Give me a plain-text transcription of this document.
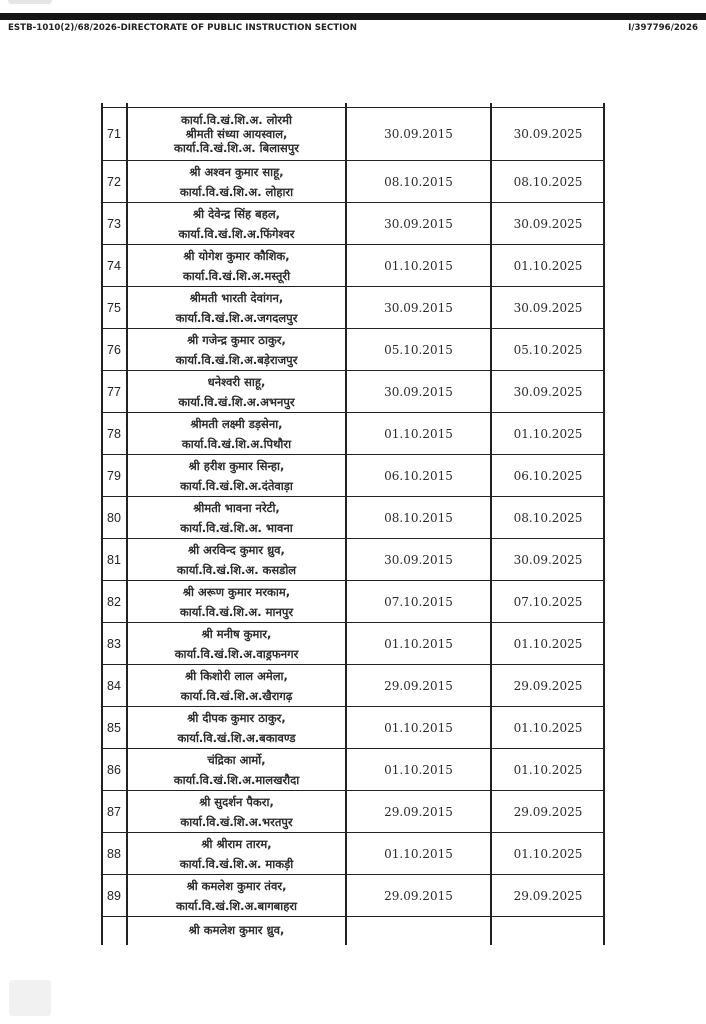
ESTB-1010(2)/68/2026-DIRECTORATE OF PUBLIC INSTRUCTION SECTION	I/397796/2026
71
कार्या.वि.खं.शि.अ. लोरमी
श्रीमती संध्या आयस्वाल,
कार्या.वि.खं.शि.अ. बिलासपुर
30.09.2015	30.09.2025
72
श्री अश्वन कुमार साहू,
कार्या.वि.खं.शि.अ. लोहारा
08.10.2015	08.10.2025
73
श्री देवेन्द्र सिंह बहल,
कार्या.वि.खं.शि.अ.फिंगेश्वर
30.09.2015	30.09.2025
74
श्री योगेश कुमार कौशिक,
कार्या.वि.खं.शि.अ.मस्तूरी
01.10.2015	01.10.2025
75
श्रीमती भारती देवांगन,
कार्या.वि.खं.शि.अ.जगदलपुर
30.09.2015	30.09.2025
76
श्री गजेन्द्र कुमार ठाकुर,
कार्या.वि.खं.शि.अ.बड़ेराजपुर
05.10.2015	05.10.2025
77
धनेश्वरी साहू,
कार्या.वि.खं.शि.अ.अभनपुर
30.09.2015	30.09.2025
78
श्रीमती लक्ष्मी डड़सेना,
कार्या.वि.खं.शि.अ.पिथौरा
01.10.2015	01.10.2025
79
श्री हरीश कुमार सिन्हा,
कार्या.वि.खं.शि.अ.दंतेवाड़ा
06.10.2015	06.10.2025
80
श्रीमती भावना नरेटी,
कार्या.वि.खं.शि.अ. भावना
08.10.2015	08.10.2025
81
श्री अरविन्द कुमार ध्रुव,
कार्या.वि.खं.शि.अ. कसडोल
30.09.2015	30.09.2025
82
श्री अरूण कुमार मरकाम,
कार्या.वि.खं.शि.अ. मानपुर
07.10.2015	07.10.2025
83
श्री मनीष कुमार,
कार्या.वि.खं.शि.अ.वाड्रफनगर
01.10.2015	01.10.2025
84
श्री किशोरी लाल अमेला,
कार्या.वि.खं.शि.अ.खैरागढ़
29.09.2015	29.09.2025
85
श्री दीपक कुमार ठाकुर,
कार्या.वि.खं.शि.अ.बकावण्ड
01.10.2015	01.10.2025
86
चंद्रिका आर्मो,
कार्या.वि.खं.शि.अ.मालखरौदा
01.10.2015	01.10.2025
87
श्री सुदर्शन पैकरा,
कार्या.वि.खं.शि.अ.भरतपुर
29.09.2015	29.09.2025
88
श्री श्रीराम तारम,
कार्या.वि.खं.शि.अ. माकड़ी
01.10.2015	01.10.2025
89
श्री कमलेश कुमार तंवर,
कार्या.वि.खं.शि.अ.बागबाहरा
29.09.2015	29.09.2025
श्री कमलेश कुमार ध्रुव,
